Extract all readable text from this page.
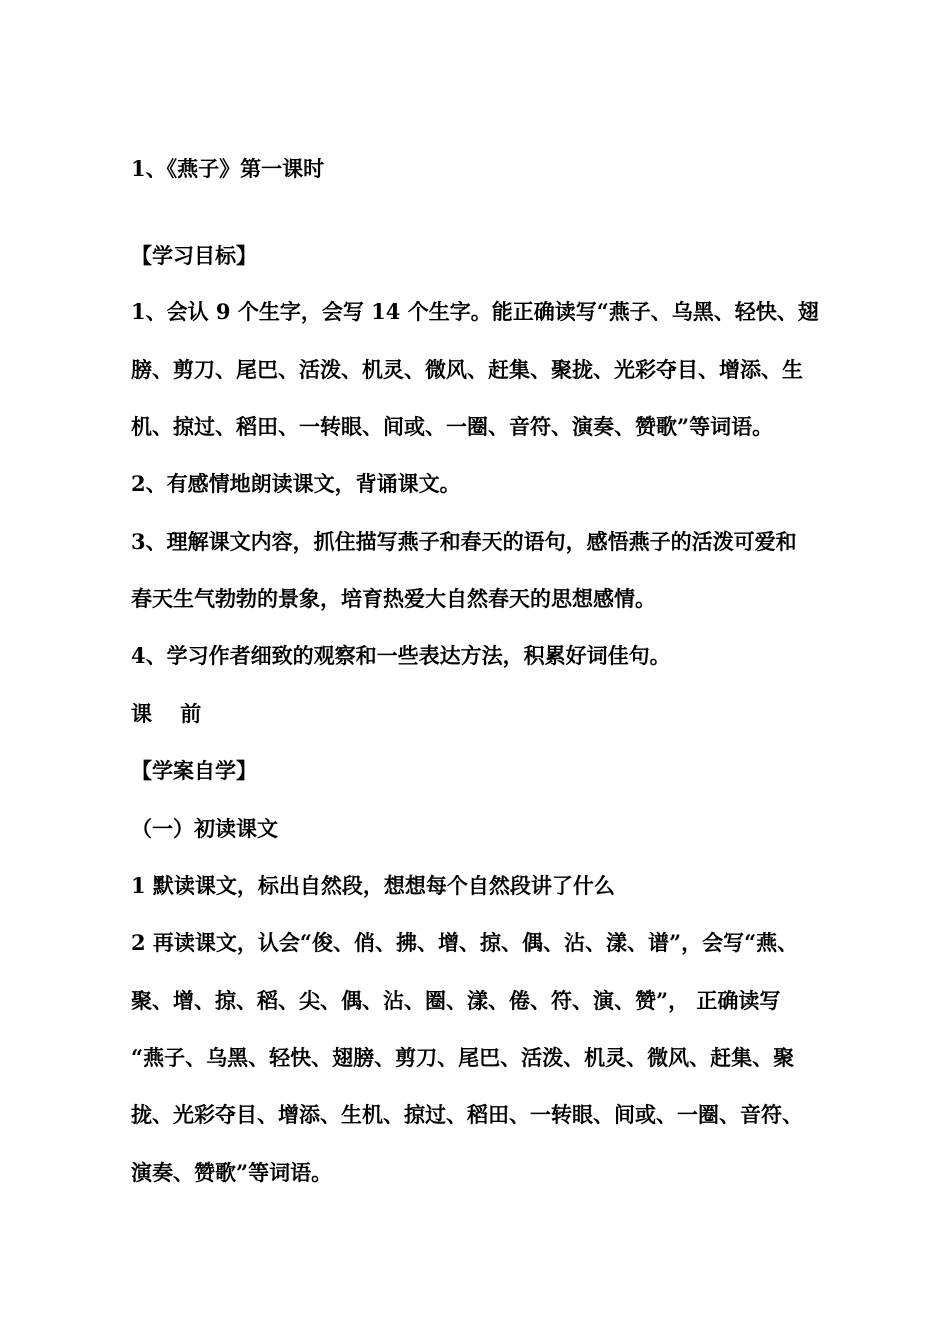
1、《燕子》第一课时
【学习目标】
1、会认 9 个生字，会写 14 个生字。能正确读写“燕子、乌黑、轻快、翅
膀、剪刀、尾巴、活泼、机灵、微风、赶集、聚拢、光彩夺目、增添、生
机、掠过、稻田、一转眼、间或、一圈、音符、演奏、赞歌”等词语。
2、有感情地朗读课文，背诵课文。
3、理解课文内容，抓住描写燕子和春天的语句，感悟燕子的活泼可爱和
春天生气勃勃的景象，培育热爱大自然春天的思想感情。
4、学习作者细致的观察和一些表达方法，积累好词佳句。
课　 前
【学案自学】
（一）初读课文
1 默读课文，标出自然段，想想每个自然段讲了什么
2 再读课文，认会“俊、俏、拂、增、掠、偶、沾、漾、谱”，会写“燕、
聚、增、掠、稻、尖、偶、沾、圈、漾、倦、符、演、赞”， 正确读写
“燕子、乌黑、轻快、翅膀、剪刀、尾巴、活泼、机灵、微风、赶集、聚
拢、光彩夺目、增添、生机、掠过、稻田、一转眼、间或、一圈、音符、
演奏、赞歌”等词语。
